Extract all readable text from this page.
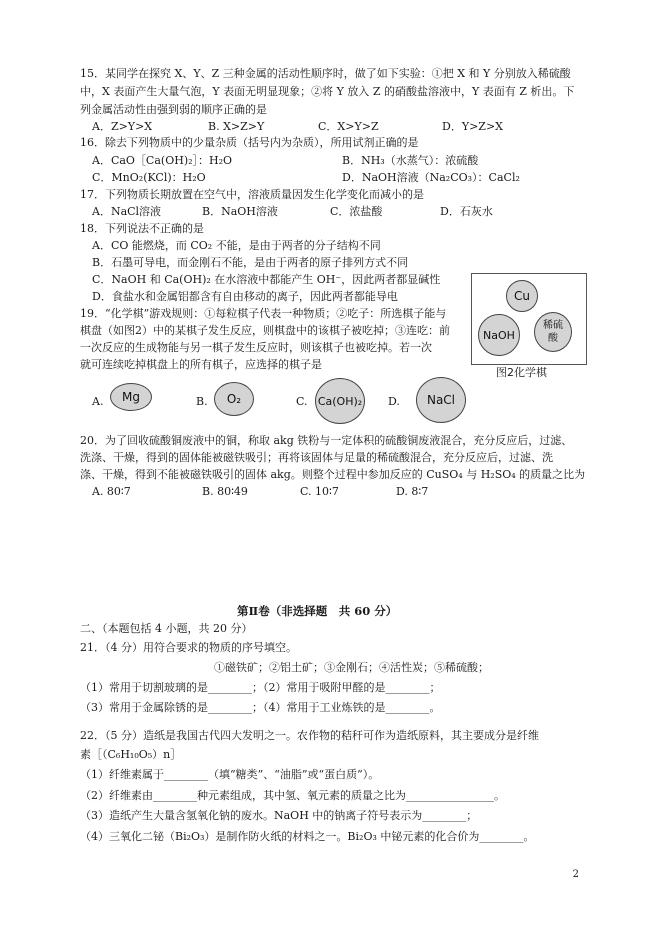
15．某同学在探究 X、Y、Z 三种金属的活动性顺序时，做了如下实验：①把 X 和 Y 分别放入稀硫酸
中，X 表面产生大量气泡，Y 表面无明显现象；②将 Y 放入 Z 的硝酸盐溶液中，Y 表面有 Z 析出。下
列金属活动性由强到弱的顺序正确的是
A．Z>Y>X	B. X>Z>Y	C．X>Y>Z	D．Y>Z>X
16．除去下列物质中的少量杂质（括号内为杂质），所用试剂正确的是
A．CaO［Ca(OH)₂］：H₂O	B．NH₃（水蒸气）：浓硫酸
C．MnO₂(KCl)：H₂O	D．NaOH溶液（Na₂CO₃）：CaCl₂
17．下列物质长期放置在空气中，溶液质量因发生化学变化而减小的是
A．NaCl溶液	B．NaOH溶液	C．浓盐酸	D．石灰水
18．下列说法不正确的是
A．CO 能燃烧，而 CO₂ 不能，是由于两者的分子结构不同
B．石墨可导电，而金刚石不能，是由于两者的原子排列方式不同
C．NaOH 和 Ca(OH)₂ 在水溶液中都能产生 OH⁻，因此两者都显碱性
D．食盐水和金属铝都含有自由移动的离子，因此两者都能导电
19．“化学棋”游戏规则：①每粒棋子代表一种物质；②吃子：所选棋子能与
棋盘（如图2）中的某棋子发生反应，则棋盘中的该棋子被吃掉；③连吃：前
一次反应的生成物能与另一棋子发生反应时，则该棋子也被吃掉。若一次
就可连续吃掉棋盘上的所有棋子，应选择的棋子是
Cu
NaOH
稀硫酸
图2化学棋
A.	Mg	B.	O₂	C. Ca(OH)₂ D.	NaCl
20．为了回收硫酸铜废液中的铜，称取 akg 铁粉与一定体积的硫酸铜废液混合，充分反应后，过滤、
洗涤、干燥，得到的固体能被磁铁吸引；再将该固体与足量的稀硫酸混合，充分反应后，过滤、洗
涤、干燥，得到不能被磁铁吸引的固体 akg。则整个过程中参加反应的 CuSO₄ 与 H₂SO₄ 的质量之比为
A. 80∶7	B. 80∶49	C. 10∶7	D. 8∶7
第Ⅱ卷（非选择题　共 60 分）
二、（本题包括 4 小题，共 20 分）
21．（4 分）用符合要求的物质的序号填空。
①磁铁矿；②铝土矿；③金刚石；④活性炭；⑤稀硫酸；
（1）常用于切割玻璃的是________；（2）常用于吸附甲醛的是________；
（3）常用于金属除锈的是________；（4）常用于工业炼铁的是________。
22．（5 分）造纸是我国古代四大发明之一。农作物的秸秆可作为造纸原料，其主要成分是纤维
素［（C₆H₁₀O₅）n］
（1）纤维素属于________（填“糖类”、“油脂”或“蛋白质”）。
（2）纤维素由________种元素组成，其中氢、氧元素的质量之比为________________。
（3）造纸产生大量含氢氧化钠的废水。NaOH 中的钠离子符号表示为________；
（4）三氧化二铋（Bi₂O₃）是制作防火纸的材料之一。Bi₂O₃ 中铋元素的化合价为________。
2
